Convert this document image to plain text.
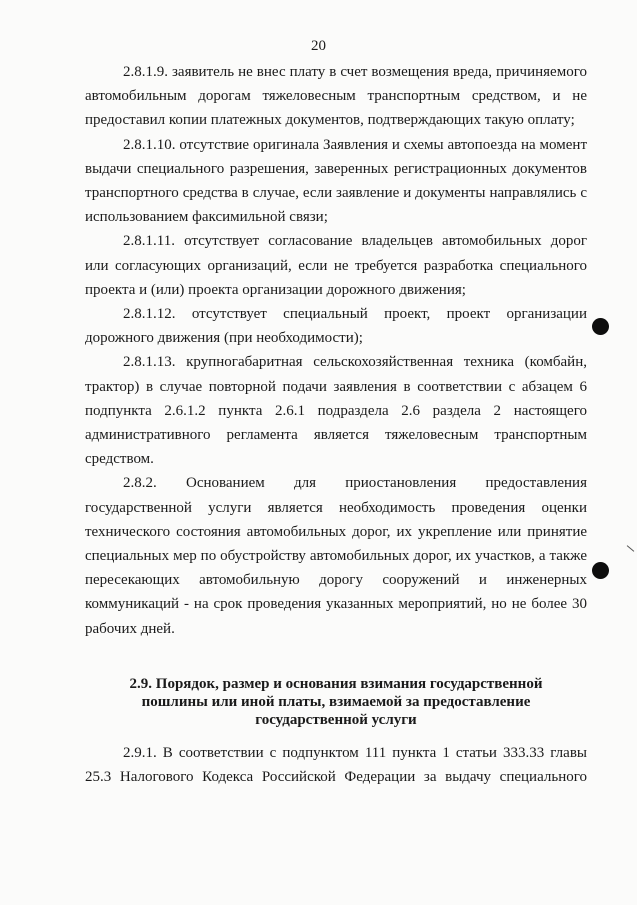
20

2.8.1.9. заявитель не внес плату в счет возмещения вреда, причиняемого автомобильным дорогам тяжеловесным транспортным средством, и не предоставил копии платежных документов, подтверждающих такую оплату;

2.8.1.10. отсутствие оригинала Заявления и схемы автопоезда на момент выдачи специального разрешения, заверенных регистрационных документов транспортного средства в случае, если заявление и документы направлялись с использованием факсимильной связи;

2.8.1.11. отсутствует согласование владельцев автомобильных дорог или согласующих организаций, если не требуется разработка специального проекта и (или) проекта организации дорожного движения;

2.8.1.12. отсутствует специальный проект, проект организации дорожного движения (при необходимости);

2.8.1.13. крупногабаритная сельскохозяйственная техника (комбайн, трактор) в случае повторной подачи заявления в соответствии с абзацем 6 подпункта 2.6.1.2 пункта 2.6.1 подраздела 2.6 раздела 2 настоящего административного регламента является тяжеловесным транспортным средством.

2.8.2. Основанием для приостановления предоставления государственной услуги является необходимость проведения оценки технического состояния автомобильных дорог, их укрепление или принятие специальных мер по обустройству автомобильных дорог, их участков, а также пересекающих автомобильную дорогу сооружений и инженерных коммуникаций - на срок проведения указанных мероприятий, но не более 30 рабочих дней.

2.9. Порядок, размер и основания взимания государственной пошлины или иной платы, взимаемой за предоставление государственной услуги

2.9.1. В соответствии с подпунктом 111 пункта 1 статьи 333.33 главы 25.3 Налогового Кодекса Российской Федерации за выдачу специального
